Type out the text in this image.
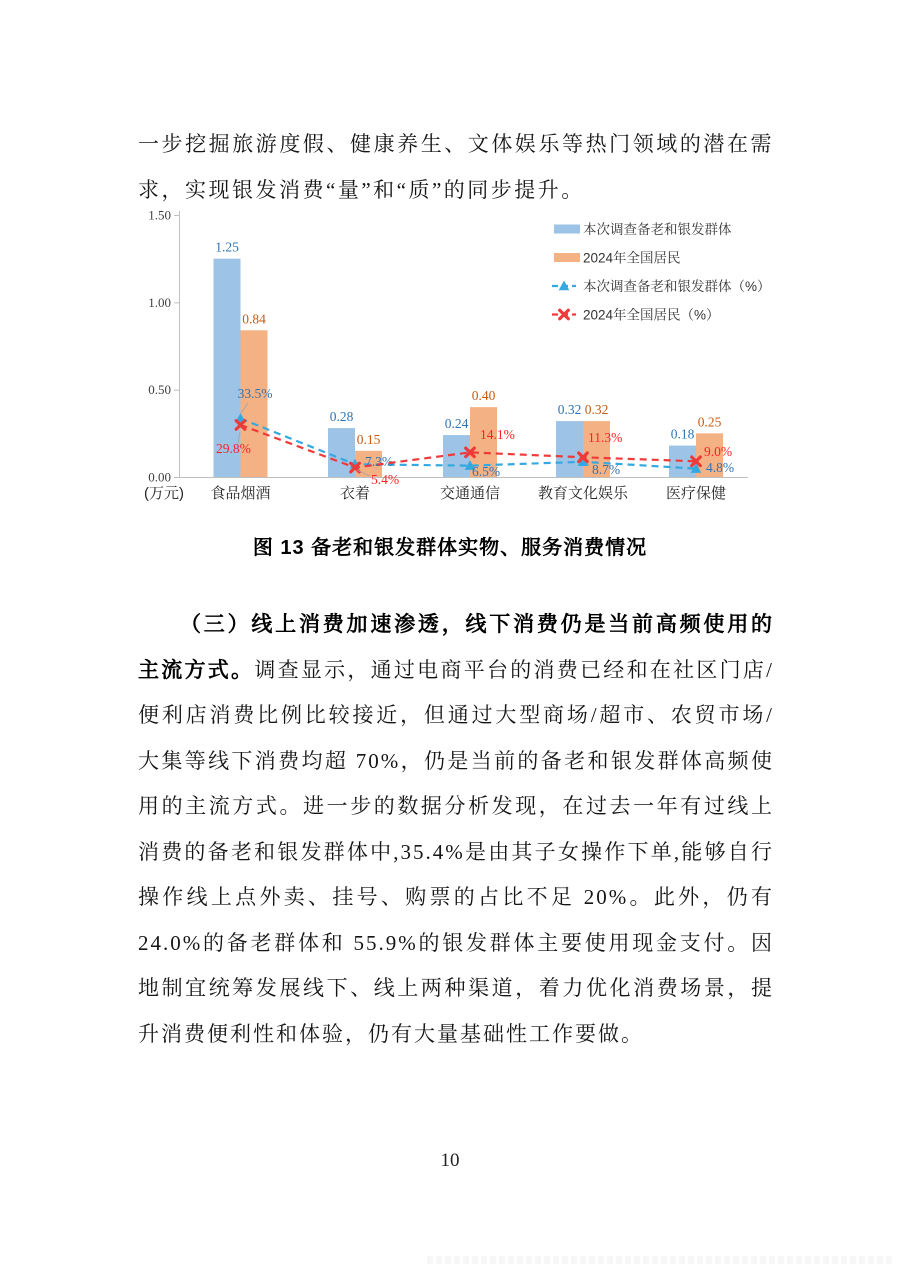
一步挖掘旅游度假、健康养生、文体娱乐等热门领域的潜在需求，实现银发消费“量”和“质”的同步提升。

0.00
0.50
1.00
1.50
1.25
0.28	0.24
0.32
0.18
0.84
0.15
0.40
0.32
0.25
33.5%
7.3%
6.5%	8.7%	4.8%
29.8%
5.4%
14.1%	11.3%
9.0%
本次调查备老和银发群体
2024年全国居民
本次调查备老和银发群体（%）
2024年全国居民（%）
食品烟酒	衣着	交通通信	教育文化娱乐	医疗保健
(万元)
图 13 备老和银发群体实物、服务消费情况

（三）线上消费加速渗透，线下消费仍是当前高频使用的主流方式。调查显示，通过电商平台的消费已经和在社区门店/便利店消费比例比较接近，但通过大型商场/超市、农贸市场/大集等线下消费均超 70%，仍是当前的备老和银发群体高频使用的主流方式。进一步的数据分析发现，在过去一年有过线上消费的备老和银发群体中,35.4%是由其子女操作下单,能够自行操作线上点外卖、挂号、购票的占比不足 20%。此外，仍有 24.0%的备老群体和 55.9%的银发群体主要使用现金支付。因地制宜统筹发展线下、线上两种渠道，着力优化消费场景，提升消费便利性和体验，仍有大量基础性工作要做。

10
